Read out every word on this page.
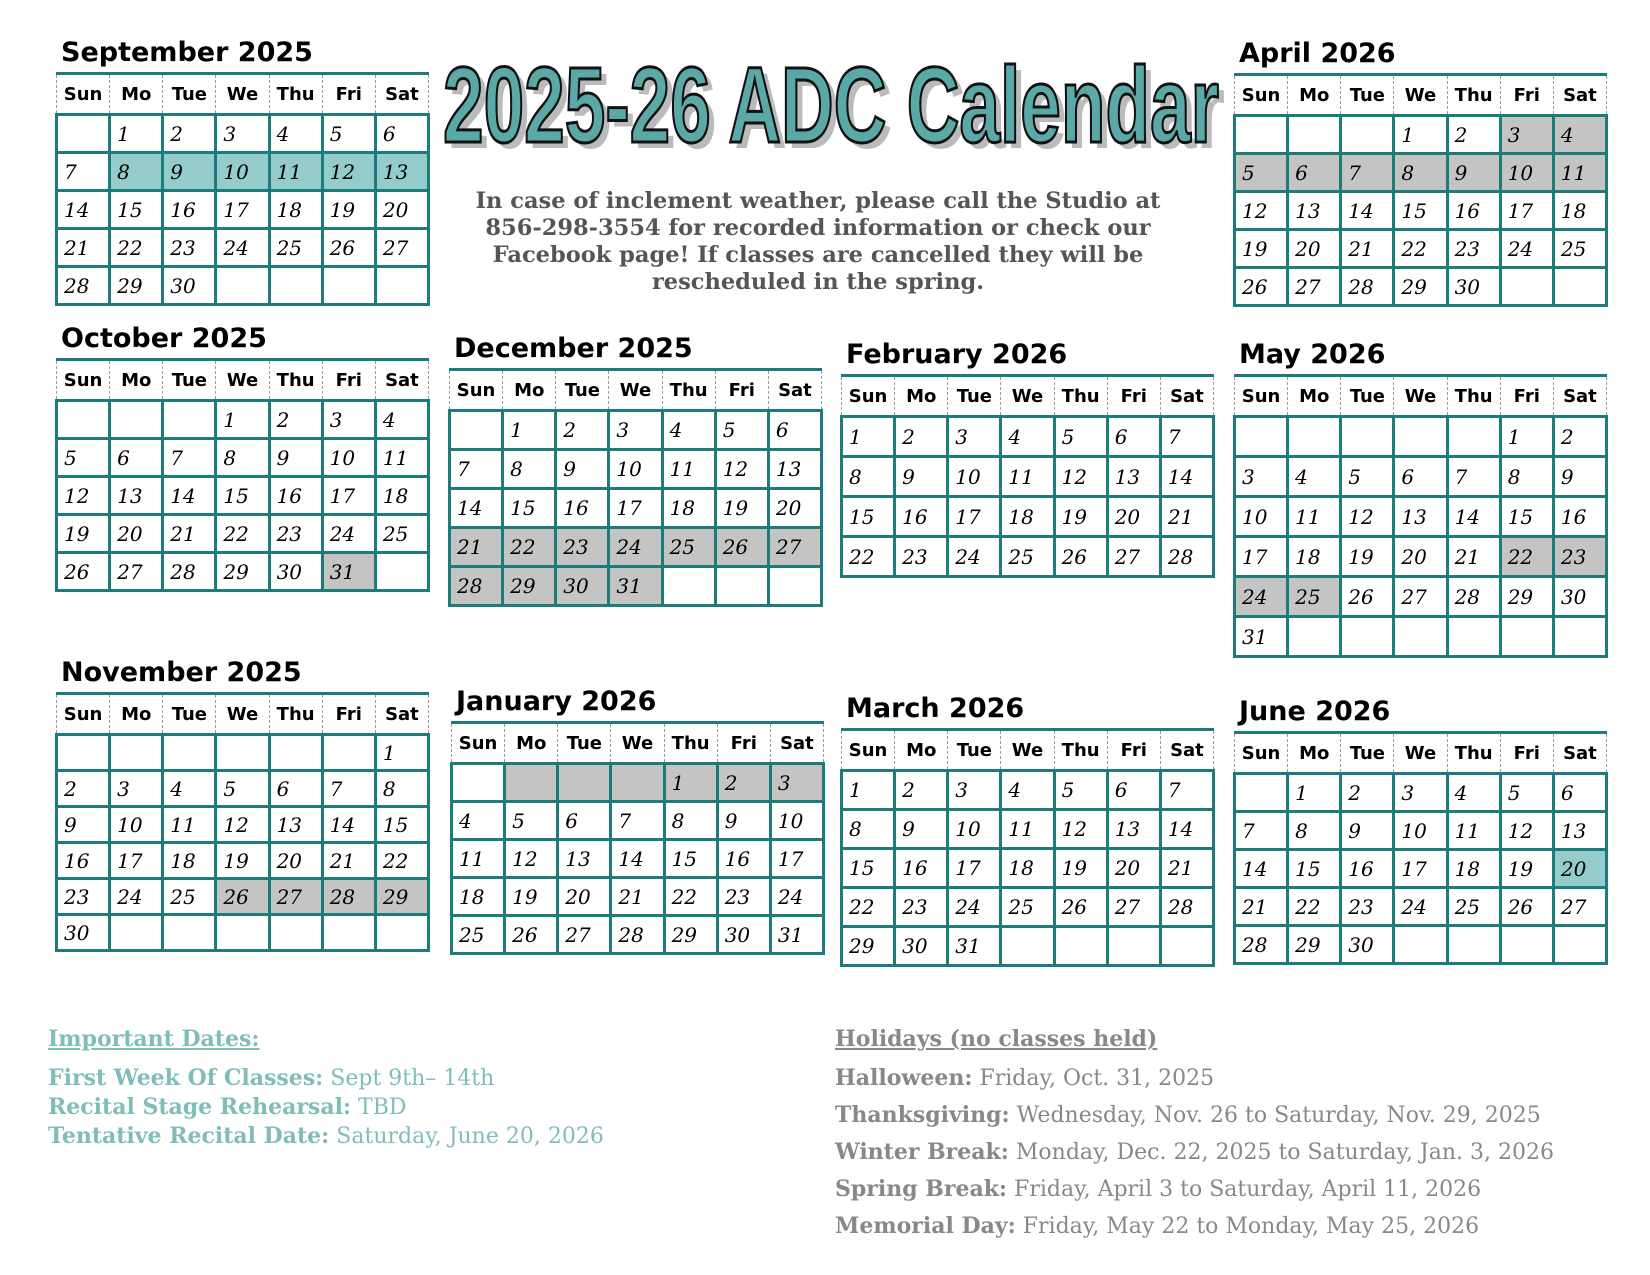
2025-26 ADC Calendar
2025-26 ADC Calendar
In case of inclement weather, please call the Studio at
856-298-3554 for recorded information or check our
Facebook page! If classes are cancelled they will be
rescheduled in the spring.
September 2025
Sun	Mo	Tue	We	Thu	Fri	Sat
	1	2	3	4	5	6
7	8	9	10	11	12	13
14	15	16	17	18	19	20
21	22	23	24	25	26	27
28	29	30				
October 2025
Sun	Mo	Tue	We	Thu	Fri	Sat
			1	2	3	4
5	6	7	8	9	10	11
12	13	14	15	16	17	18
19	20	21	22	23	24	25
26	27	28	29	30	31	
November 2025
Sun	Mo	Tue	We	Thu	Fri	Sat
						1
2	3	4	5	6	7	8
9	10	11	12	13	14	15
16	17	18	19	20	21	22
23	24	25	26	27	28	29
30						
December 2025
Sun	Mo	Tue	We	Thu	Fri	Sat
	1	2	3	4	5	6
7	8	9	10	11	12	13
14	15	16	17	18	19	20
21	22	23	24	25	26	27
28	29	30	31			
January 2026
Sun	Mo	Tue	We	Thu	Fri	Sat
				1	2	3
4	5	6	7	8	9	10
11	12	13	14	15	16	17
18	19	20	21	22	23	24
25	26	27	28	29	30	31
February 2026
Sun	Mo	Tue	We	Thu	Fri	Sat
1	2	3	4	5	6	7
8	9	10	11	12	13	14
15	16	17	18	19	20	21
22	23	24	25	26	27	28
March 2026
Sun	Mo	Tue	We	Thu	Fri	Sat
1	2	3	4	5	6	7
8	9	10	11	12	13	14
15	16	17	18	19	20	21
22	23	24	25	26	27	28
29	30	31				
April 2026
Sun	Mo	Tue	We	Thu	Fri	Sat
			1	2	3	4
5	6	7	8	9	10	11
12	13	14	15	16	17	18
19	20	21	22	23	24	25
26	27	28	29	30		
May 2026
Sun	Mo	Tue	We	Thu	Fri	Sat
					1	2
3	4	5	6	7	8	9
10	11	12	13	14	15	16
17	18	19	20	21	22	23
24	25	26	27	28	29	30
31						
June 2026
Sun	Mo	Tue	We	Thu	Fri	Sat
	1	2	3	4	5	6
7	8	9	10	11	12	13
14	15	16	17	18	19	20
21	22	23	24	25	26	27
28	29	30				
Important Dates:
First Week Of Classes: Sept 9th– 14th
Recital Stage Rehearsal: TBD
Tentative Recital Date: Saturday, June 20, 2026
Holidays (no classes held)
Halloween: Friday, Oct. 31, 2025
Thanksgiving: Wednesday, Nov. 26 to Saturday, Nov. 29, 2025
Winter Break: Monday, Dec. 22, 2025 to Saturday, Jan. 3, 2026
Spring Break: Friday, April 3 to Saturday, April 11, 2026
Memorial Day: Friday, May 22 to Monday, May 25, 2026
